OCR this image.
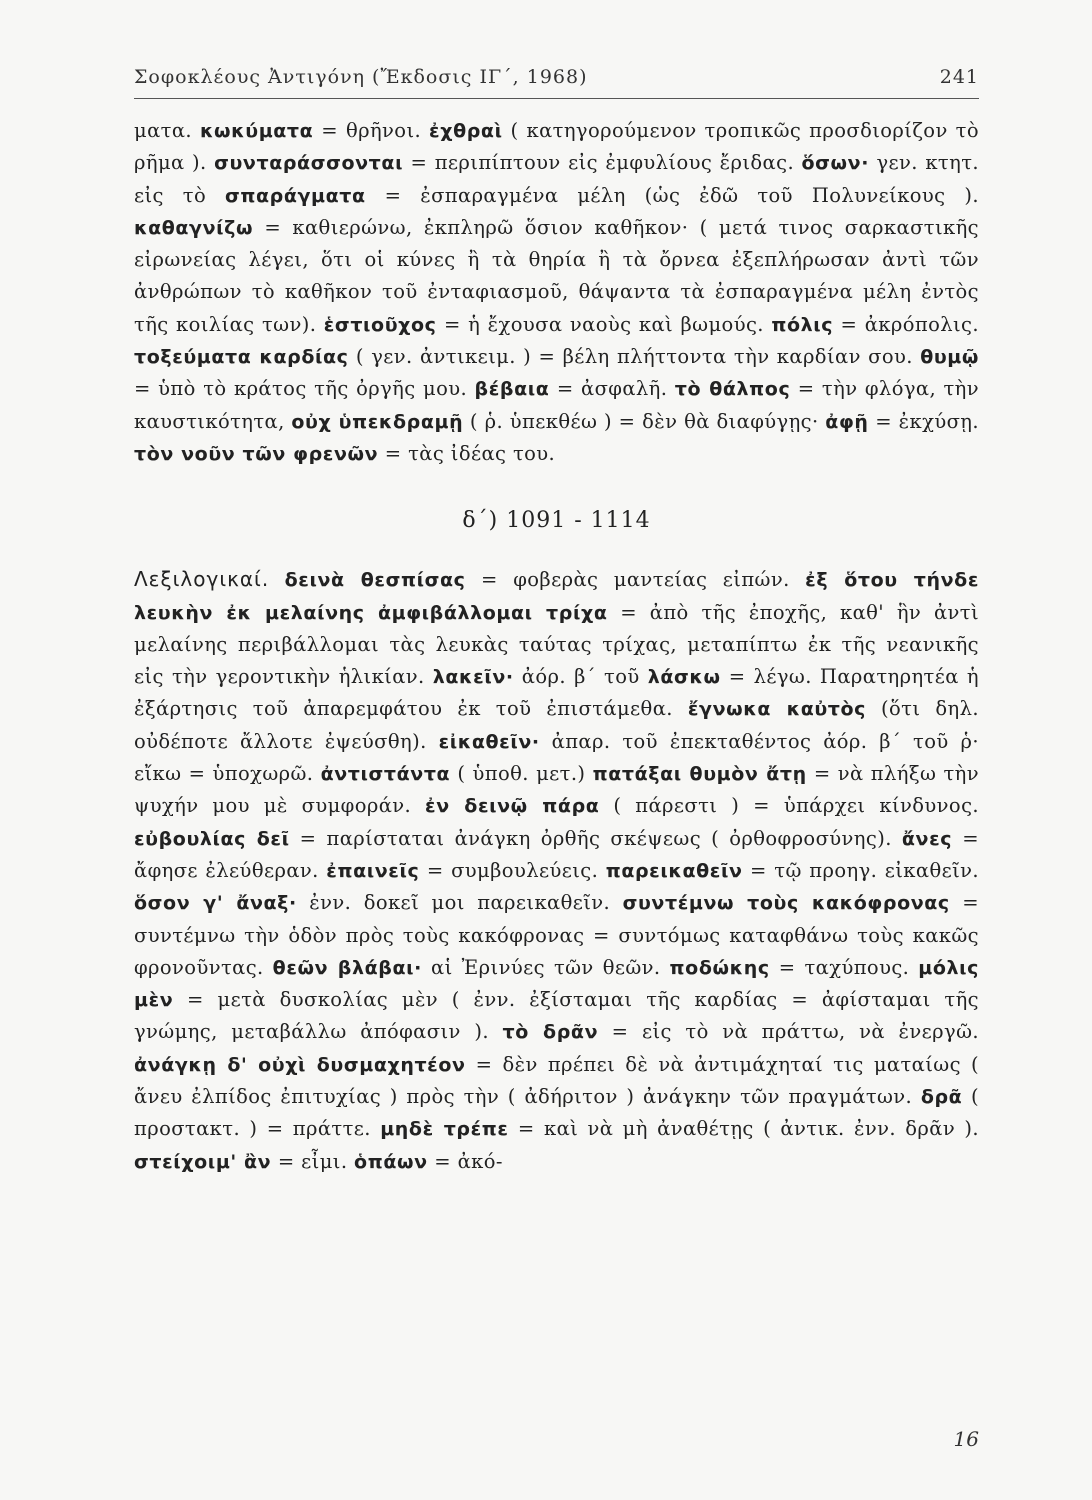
Σοφοκλέους Ἀντιγόνη (Ἔκδοσις ΙΓ΄, 1968)	241

ματα. κωκύματα = θρῆνοι. ἐχθραὶ ( κατηγορούμενον τροπικῶς προσδιορίζον τὸ ρῆμα ). συνταράσσονται = περιπίπτουν εἰς ἐμφυλίους ἔριδας. ὅσων· γεν. κτητ. εἰς τὸ σπαράγματα = ἐσπαραγμένα μέλη (ὡς ἐδῶ τοῦ Πολυνείκους ). καθαγνίζω = καθιερώνω, ἐκπληρῶ ὅσιον καθῆκον· ( μετά τινος σαρκαστικῆς εἰρωνείας λέγει, ὅτι οἱ κύνες ἢ τὰ θηρία ἢ τὰ ὄρνεα ἐξεπλήρωσαν ἀντὶ τῶν ἀνθρώπων τὸ καθῆκον τοῦ ἐνταφιασμοῦ, θάψαντα τὰ ἐσπαραγμένα μέλη ἐντὸς τῆς κοιλίας των). ἑστιοῦχος = ἡ ἔχουσα ναοὺς καὶ βωμούς. πόλις = ἀκρόπολις. τοξεύματα καρδίας ( γεν. ἀντικειμ. ) = βέλη πλήττοντα τὴν καρδίαν σου. θυμῷ = ὑπὸ τὸ κράτος τῆς ὀργῆς μου. βέβαια = ἀσφαλῆ. τὸ θάλπος = τὴν φλόγα, τὴν καυστικότητα, οὐχ ὑπεκδραμῇ ( ῥ. ὑπεκθέω ) = δὲν θὰ διαφύγῃς· ἀφῇ = ἐκχύσῃ. τὸν νοῦν τῶν φρενῶν = τὰς ἰδέας του.

δ΄) 1091 - 1114

Λεξιλογικαί. δεινὰ θεσπίσας = φοβερὰς μαντείας εἰπών. ἐξ ὅτου τήνδε λευκὴν ἐκ μελαίνης ἀμφιβάλλομαι τρίχα = ἀπὸ τῆς ἐποχῆς, καθ' ἣν ἀντὶ μελαίνης περιβάλλομαι τὰς λευκὰς ταύτας τρίχας, μεταπίπτω ἐκ τῆς νεανικῆς εἰς τὴν γεροντικὴν ἡλικίαν. λακεῖν· ἀόρ. β΄ τοῦ λάσκω = λέγω. Παρατηρητέα ἡ ἐξάρτησις τοῦ ἀπαρεμφάτου ἐκ τοῦ ἐπιστάμεθα. ἔγνωκα καὐτὸς (ὅτι δηλ. οὐδέποτε ἄλλοτε ἐψεύσθη). εἰκαθεῖν· ἀπαρ. τοῦ ἐπεκταθέντος ἀόρ. β΄ τοῦ ῥ· εἴκω = ὑποχωρῶ. ἀντιστάντα ( ὑποθ. μετ.) πατάξαι θυμὸν ἄτῃ = νὰ πλήξω τὴν ψυχήν μου μὲ συμφοράν. ἐν δεινῷ πάρα ( πάρεστι ) = ὑπάρχει κίνδυνος. εὐβουλίας δεῖ = παρίσταται ἀνάγκη ὀρθῆς σκέψεως ( ὀρθοφροσύνης). ἄνες = ἄφησε ἐλεύθεραν. ἐπαινεῖς = συμβουλεύεις. παρεικαθεῖν = τῷ προηγ. εἰκαθεῖν. ὅσον γ' ἄναξ· ἐνν. δοκεῖ μοι παρεικαθεῖν. συντέμνω τοὺς κακόφρονας = συντέμνω τὴν ὁδὸν πρὸς τοὺς κακόφρονας = συντόμως καταφθάνω τοὺς κακῶς φρονοῦντας. θεῶν βλάβαι· αἱ Ἐρινύες τῶν θεῶν. ποδώκης = ταχύπους. μόλις μὲν = μετὰ δυσκολίας μὲν ( ἐνν. ἐξίσταμαι τῆς καρδίας = ἀφίσταμαι τῆς γνώμης, μεταβάλλω ἀπόφασιν ). τὸ δρᾶν = εἰς τὸ νὰ πράττω, νὰ ἐνεργῶ. ἀνάγκῃ δ' οὐχὶ δυσμαχητέον = δὲν πρέπει δὲ νὰ ἀντιμάχηταί τις ματαίως ( ἄνευ ἐλπίδος ἐπιτυχίας ) πρὸς τὴν ( ἀδήριτον ) ἀνάγκην τῶν πραγμάτων. δρᾶ ( προστακτ. ) = πράττε. μηδὲ τρέπε = καὶ νὰ μὴ ἀναθέτῃς ( ἀντικ. ἐνν. δρᾶν ). στείχοιμ' ἂν = εἶμι. ὁπάων = ἀκό-

16
